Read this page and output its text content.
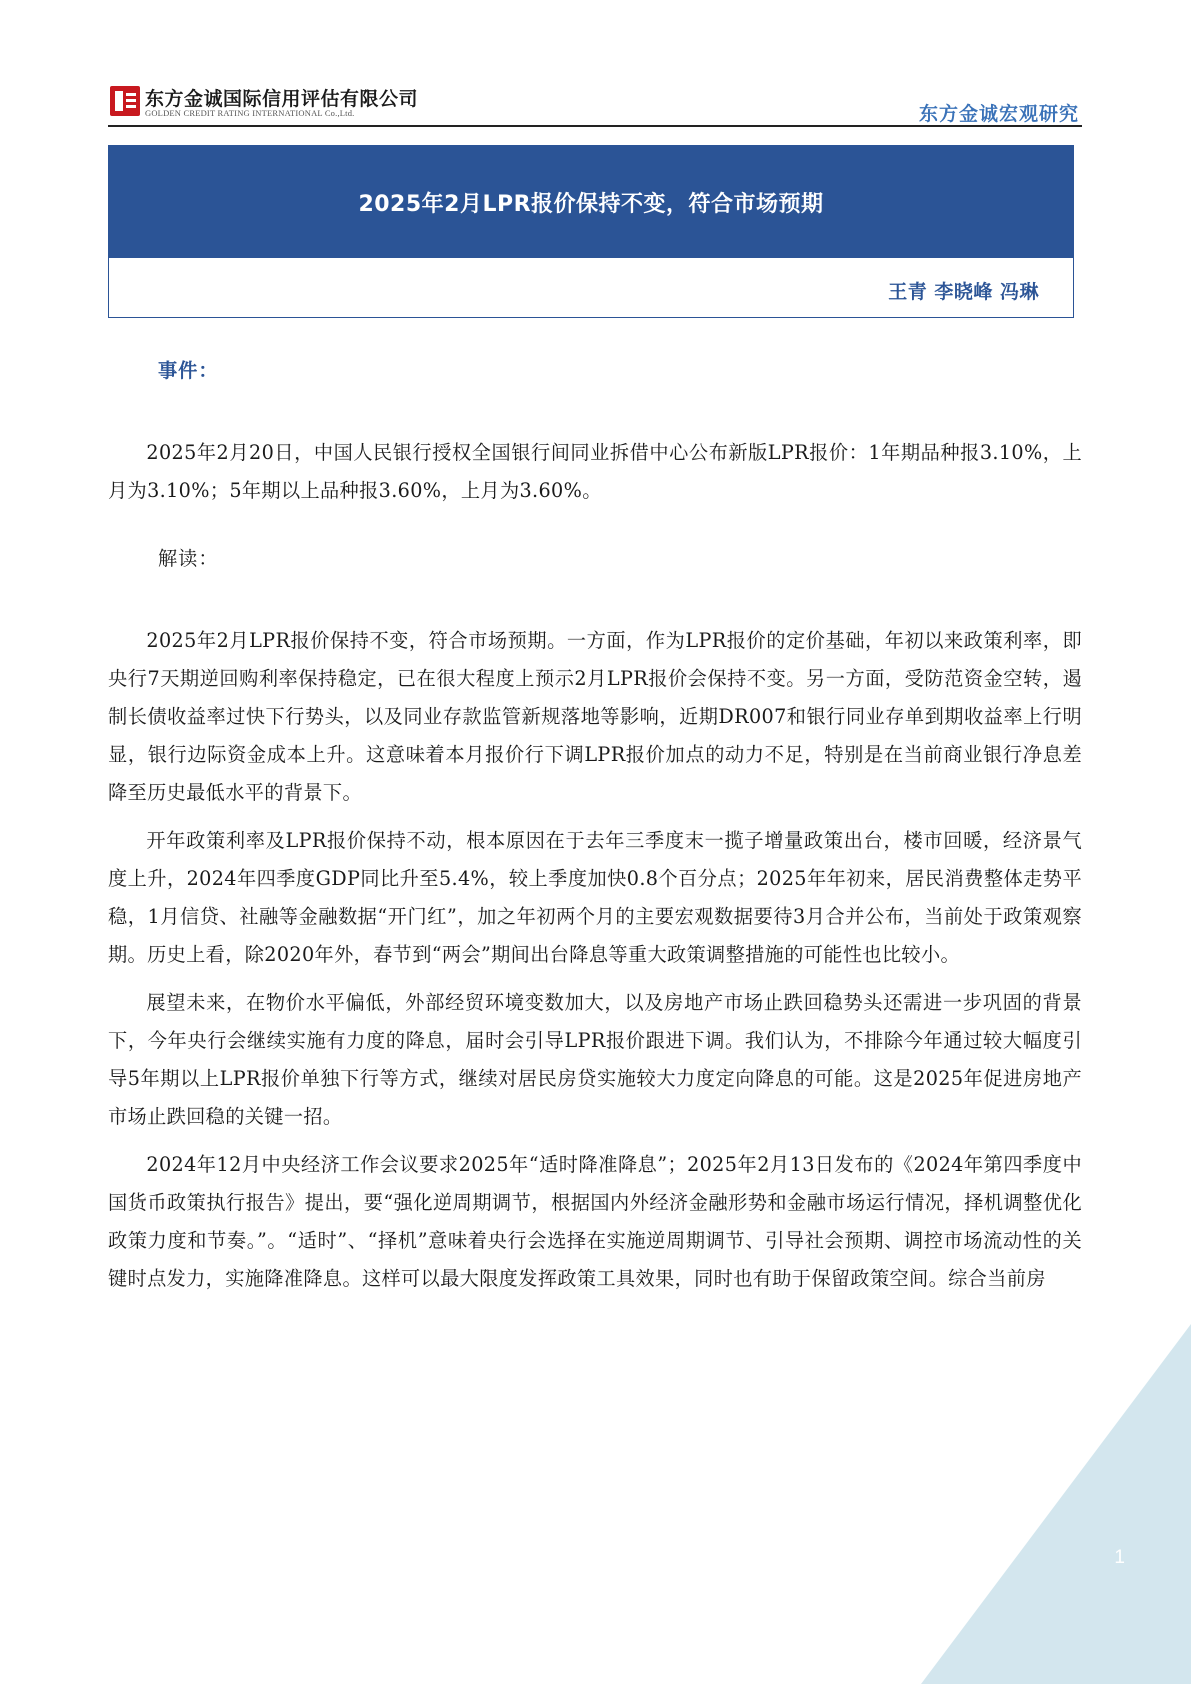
东方金诚国际信用评估有限公司
GOLDEN CREDIT RATING INTERNATIONAL Co.,Ltd.	东方金诚宏观研究
2025年2月LPR报价保持不变，符合市场预期
王青 李晓峰 冯琳
事件：

2025年2月20日，中国人民银行授权全国银行间同业拆借中心公布新版LPR报价：1年期品种报3.10%，上月为3.10%；5年期以上品种报3.60%，上月为3.60%。

解读：

2025年2月LPR报价保持不变，符合市场预期。一方面，作为LPR报价的定价基础，年初以来政策利率，即央行7天期逆回购利率保持稳定，已在很大程度上预示2月LPR报价会保持不变。另一方面，受防范资金空转，遏制长债收益率过快下行势头，以及同业存款监管新规落地等影响，近期DR007和银行同业存单到期收益率上行明显，银行边际资金成本上升。这意味着本月报价行下调LPR报价加点的动力不足，特别是在当前商业银行净息差降至历史最低水平的背景下。

开年政策利率及LPR报价保持不动，根本原因在于去年三季度末一揽子增量政策出台，楼市回暖，经济景气度上升，2024年四季度GDP同比升至5.4%，较上季度加快0.8个百分点；2025年年初来，居民消费整体走势平稳，1月信贷、社融等金融数据“开门红”，加之年初两个月的主要宏观数据要待3月合并公布，当前处于政策观察期。历史上看，除2020年外，春节到“两会”期间出台降息等重大政策调整措施的可能性也比较小。

展望未来，在物价水平偏低，外部经贸环境变数加大，以及房地产市场止跌回稳势头还需进一步巩固的背景下，今年央行会继续实施有力度的降息，届时会引导LPR报价跟进下调。我们认为，不排除今年通过较大幅度引导5年期以上LPR报价单独下行等方式，继续对居民房贷实施较大力度定向降息的可能。这是2025年促进房地产市场止跌回稳的关键一招。

2024年12月中央经济工作会议要求2025年“适时降准降息”；2025年2月13日发布的《2024年第四季度中国货币政策执行报告》提出，要“强化逆周期调节，根据国内外经济金融形势和金融市场运行情况，择机调整优化政策力度和节奏。”。“适时”、“择机”意味着央行会选择在实施逆周期调节、引导社会预期、调控市场流动性的关键时点发力，实施降准降息。这样可以最大限度发挥政策工具效果，同时也有助于保留政策空间。综合当前房

1
